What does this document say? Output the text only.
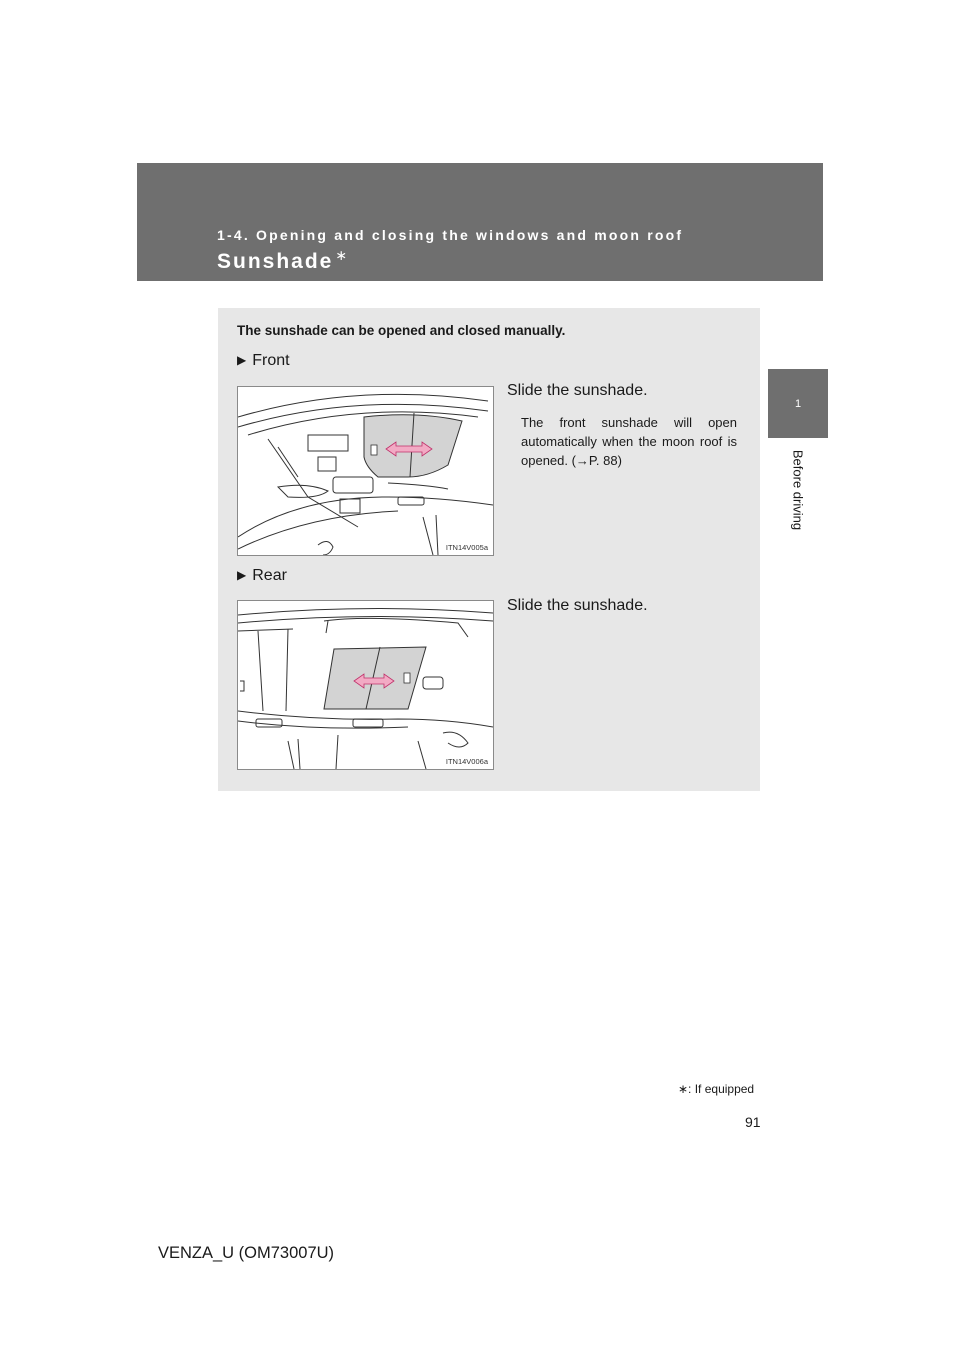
1-4. Opening and closing the windows and moon roof
Sunshade ∗
1
Before driving
The sunshade can be opened and closed manually.
▶ Front
Slide the sunshade.
The front sunshade will open automatically when the moon roof is opened. (→P. 88)
ITN14V005a
▶ Rear
Slide the sunshade.
ITN14V006a
∗: If equipped
91
VENZA_U (OM73007U)
